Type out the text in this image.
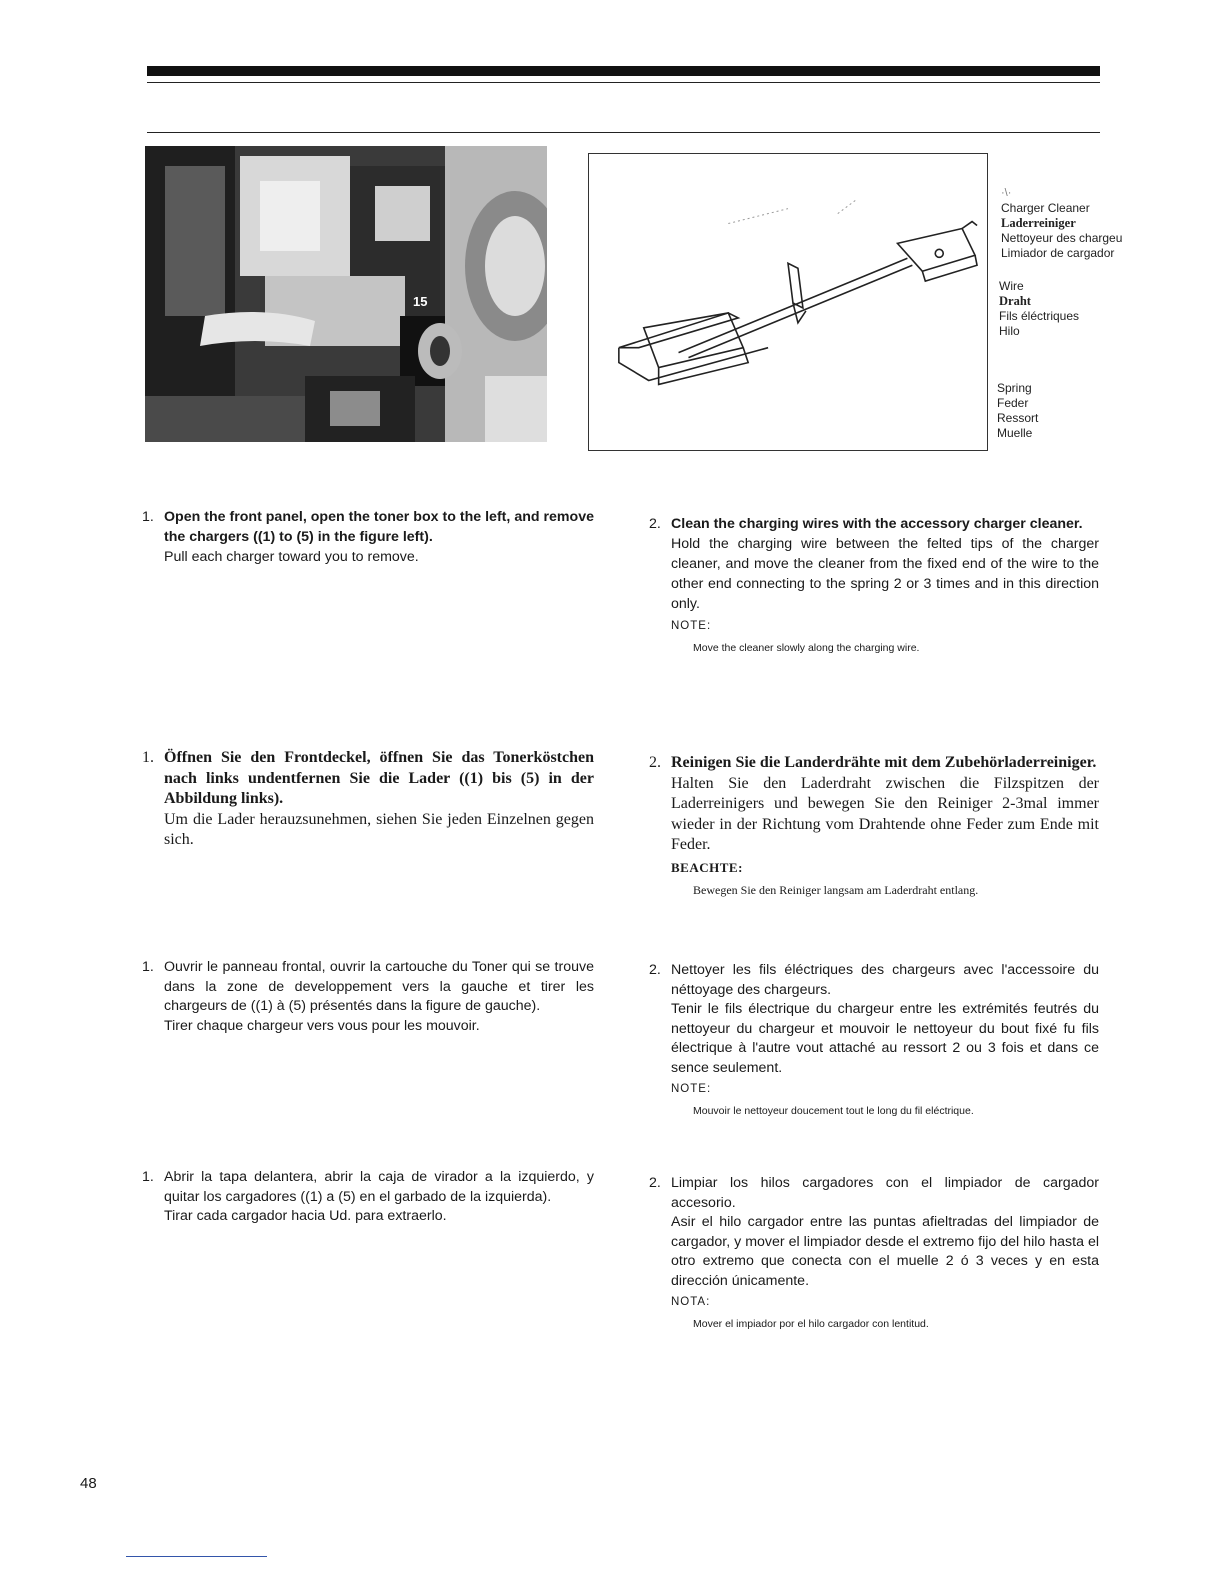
15
·\·
Charger Cleaner
Laderreiniger
Nettoyeur des chargeu
Limiador de cargador
Wire
Draht
Fils éléctriques
Hilo
Spring
Feder
Ressort
Muelle
1. Open the front panel, open the toner box to the left, and remove the chargers ((1) to (5) in the figure left).
Pull each charger toward you to remove.
2. Clean the charging wires with the accessory charger cleaner.
Hold the charging wire between the felted tips of the charger cleaner, and move the cleaner from the fixed end of the wire to the other end connecting to the spring 2 or 3 times and in this direction only.
NOTE:
Move the cleaner slowly along the charging wire.
1. Öffnen Sie den Frontdeckel, öffnen Sie das Tonerköstchen nach links undentfernen Sie die Lader ((1) bis (5) in der Abbildung links).
Um die Lader herauzsunehmen, siehen Sie jeden Einzelnen gegen sich.
2. Reinigen Sie die Landerdrähte mit dem Zubehörladerreiniger.
Halten Sie den Laderdraht zwischen die Filzspitzen der Laderreinigers und bewegen Sie den Reiniger 2-3mal immer wieder in der Richtung vom Drahtende ohne Feder zum Ende mit Feder.
BEACHTE:
Bewegen Sie den Reiniger langsam am Laderdraht entlang.
1. Ouvrir le panneau frontal, ouvrir la cartouche du Toner qui se trouve dans la zone de developpement vers la gauche et tirer les chargeurs de ((1) à (5) présentés dans la figure de gauche).
Tirer chaque chargeur vers vous pour les mouvoir.
2. Nettoyer les fils éléctriques des chargeurs avec l'accessoire du néttoyage des chargeurs.
Tenir le fils électrique du chargeur entre les extrémités feutrés du nettoyeur du chargeur et mouvoir le nettoyeur du bout fixé fu fils électrique à l'autre vout attaché au ressort 2 ou 3 fois et dans ce sence seulement.
NOTE:
Mouvoir le nettoyeur doucement tout le long du fil eléctrique.
1. Abrir la tapa delantera, abrir la caja de virador a la izquierdo, y quitar los cargadores ((1) a (5) en el garbado de la izquierda).
Tirar cada cargador hacia Ud. para extraerlo.
2. Limpiar los hilos cargadores con el limpiador de cargador accesorio.
Asir el hilo cargador entre las puntas afieltradas del limpiador de cargador, y mover el limpiador desde el extremo fijo del hilo hasta el otro extremo que conecta con el muelle 2 ó 3 veces y en esta dirección únicamente.
NOTA:
Mover el impiador por el hilo cargador con lentitud.
48
